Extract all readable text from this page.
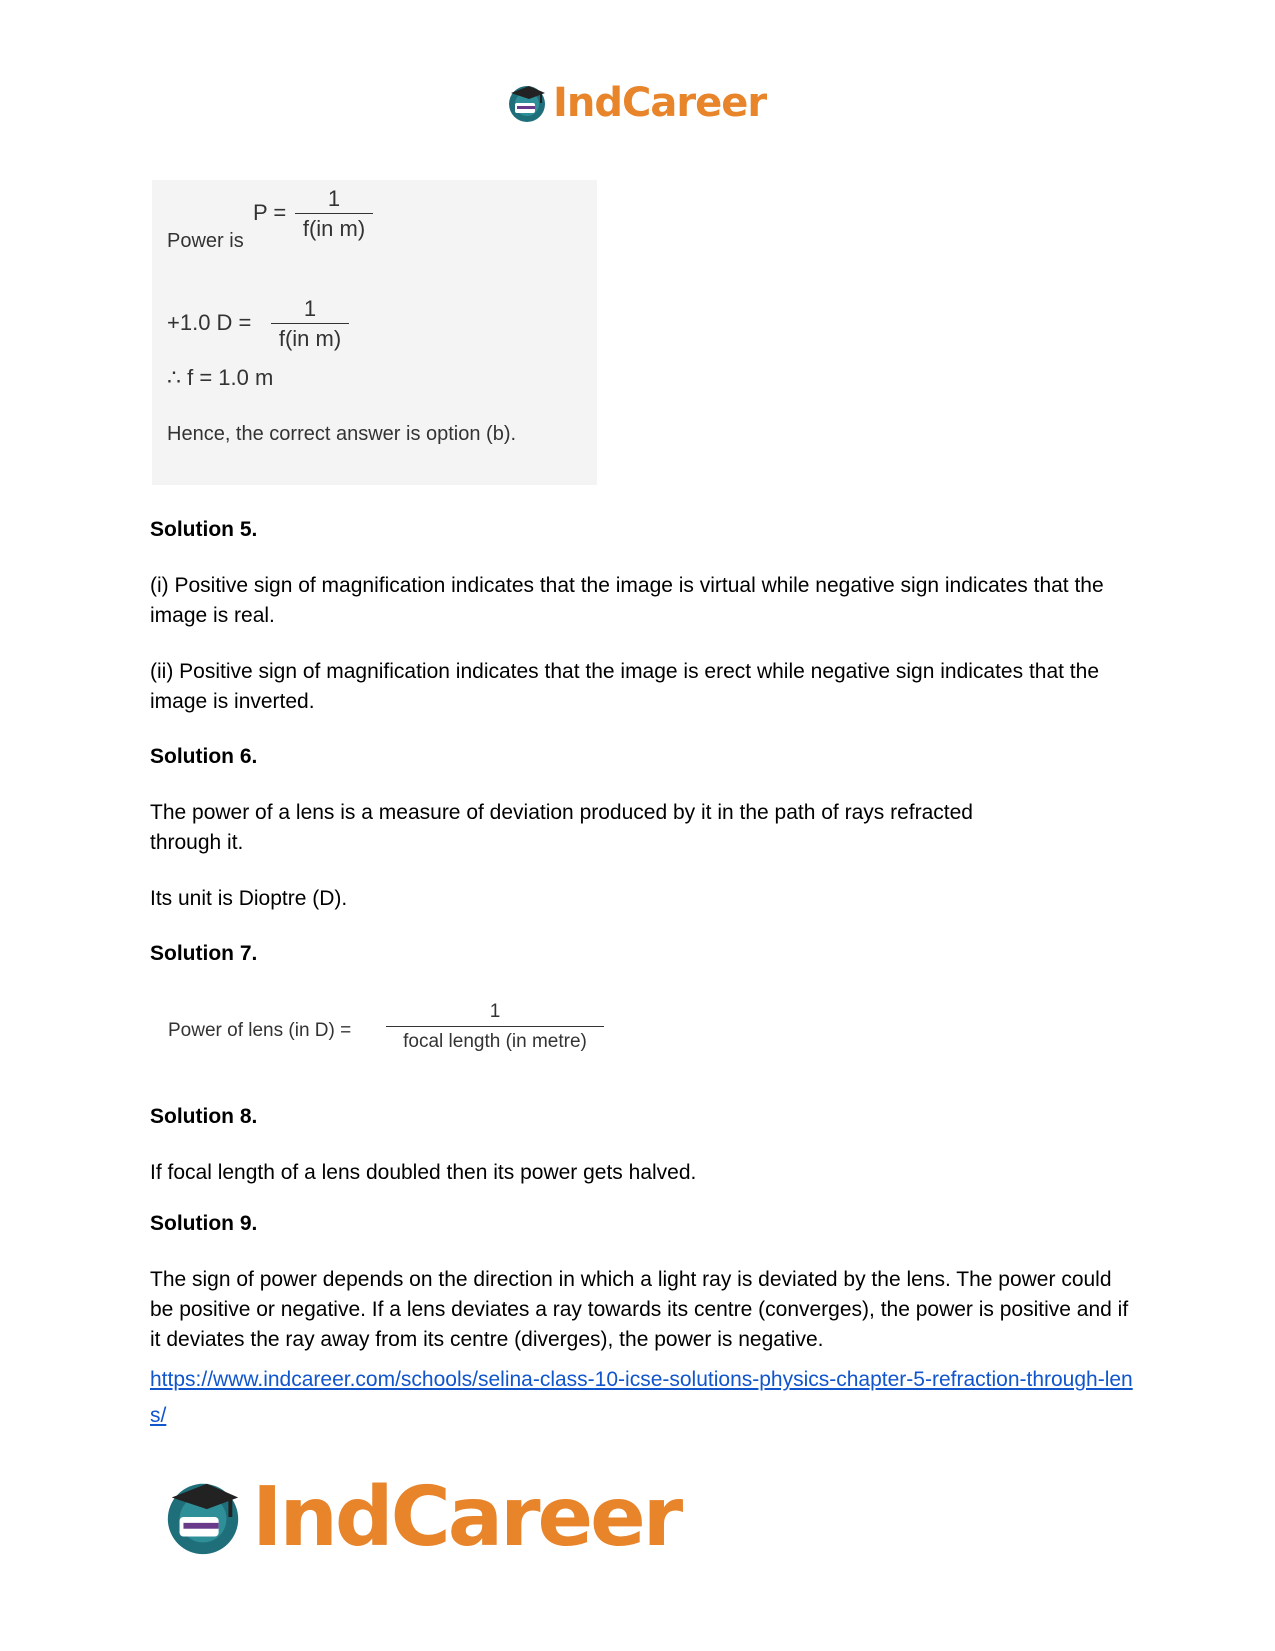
IndCareer
Power is
P =
1
f(in m)
+1.0 D =
1
f(in m)
∴ f = 1.0 m
Hence, the correct answer is option (b).
Solution 5.
(i) Positive sign of magnification indicates that the image is virtual while negative sign indicates that the image is real.
(ii) Positive sign of magnification indicates that the image is erect while negative sign indicates that the image is inverted.
Solution 6.
The power of a lens is a measure of deviation produced by it in the path of rays refracted through it.
Its unit is Dioptre (D).
Solution 7.
Power of lens (in D) =
1
focal length (in metre)
Solution 8.
If focal length of a lens doubled then its power gets halved.
Solution 9.
The sign of power depends on the direction in which a light ray is deviated by the lens. The power could be positive or negative. If a lens deviates a ray towards its centre (converges), the power is positive and if it deviates the ray away from its centre (diverges), the power is negative.
https://www.indcareer.com/schools/selina-class-10-icse-solutions-physics-chapter-5-refraction-through-lens/
IndCareer
